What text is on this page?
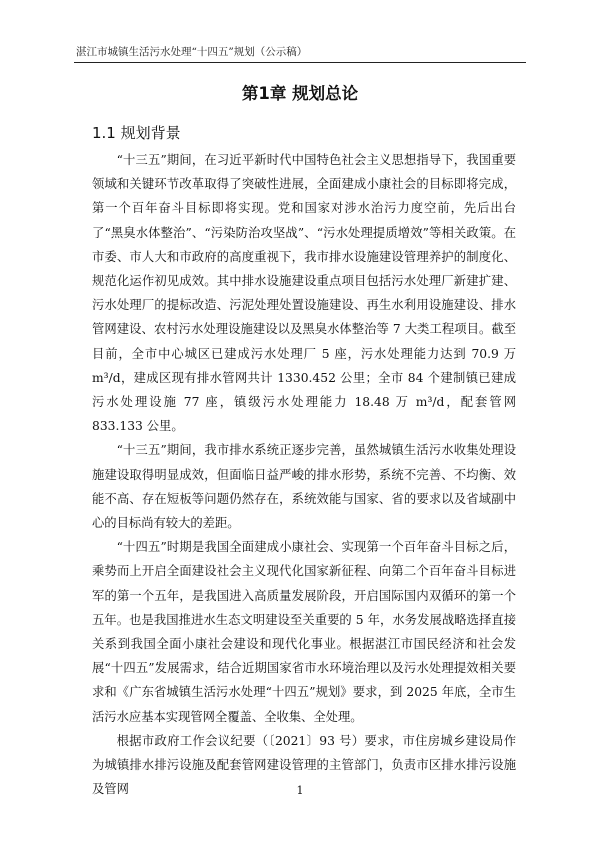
湛江市城镇生活污水处理“十四五”规划（公示稿）
第1章 规划总论
1.1 规划背景

“十三五”期间，在习近平新时代中国特色社会主义思想指导下，我国重要领域和关键环节改革取得了突破性进展，全面建成小康社会的目标即将完成，第一个百年奋斗目标即将实现。党和国家对涉水治污力度空前，先后出台了“黑臭水体整治”、“污染防治攻坚战”、“污水处理提质增效”等相关政策。在市委、市人大和市政府的高度重视下，我市排水设施建设管理养护的制度化、规范化运作初见成效。其中排水设施建设重点项目包括污水处理厂新建扩建、污水处理厂的提标改造、污泥处理处置设施建设、再生水利用设施建设、排水管网建设、农村污水处理设施建设以及黑臭水体整治等 7 大类工程项目。截至目前，全市中心城区已建成污水处理厂 5 座，污水处理能力达到 70.9 万 m³/d，建成区现有排水管网共计 1330.452 公里；全市 84 个建制镇已建成污水处理设施 77 座，镇级污水处理能力 18.48 万 m³/d，配套管网 833.133 公里。

“十三五”期间，我市排水系统正逐步完善，虽然城镇生活污水收集处理设施建设取得明显成效，但面临日益严峻的排水形势，系统不完善、不均衡、效能不高、存在短板等问题仍然存在，系统效能与国家、省的要求以及省域副中心的目标尚有较大的差距。

“十四五”时期是我国全面建成小康社会、实现第一个百年奋斗目标之后，乘势而上开启全面建设社会主义现代化国家新征程、向第二个百年奋斗目标进军的第一个五年，是我国进入高质量发展阶段，开启国际国内双循环的第一个五年。也是我国推进水生态文明建设至关重要的 5 年，水务发展战略选择直接关系到我国全面小康社会建设和现代化事业。根据湛江市国民经济和社会发展“十四五”发展需求，结合近期国家省市水环境治理以及污水处理提效相关要求和《广东省城镇生活污水处理“十四五”规划》要求，到 2025 年底，全市生活污水应基本实现管网全覆盖、全收集、全处理。

根据市政府工作会议纪要（〔2021〕93 号）要求，市住房城乡建设局作为城镇排水排污设施及配套管网建设管理的主管部门，负责市区排水排污设施及管网	1
